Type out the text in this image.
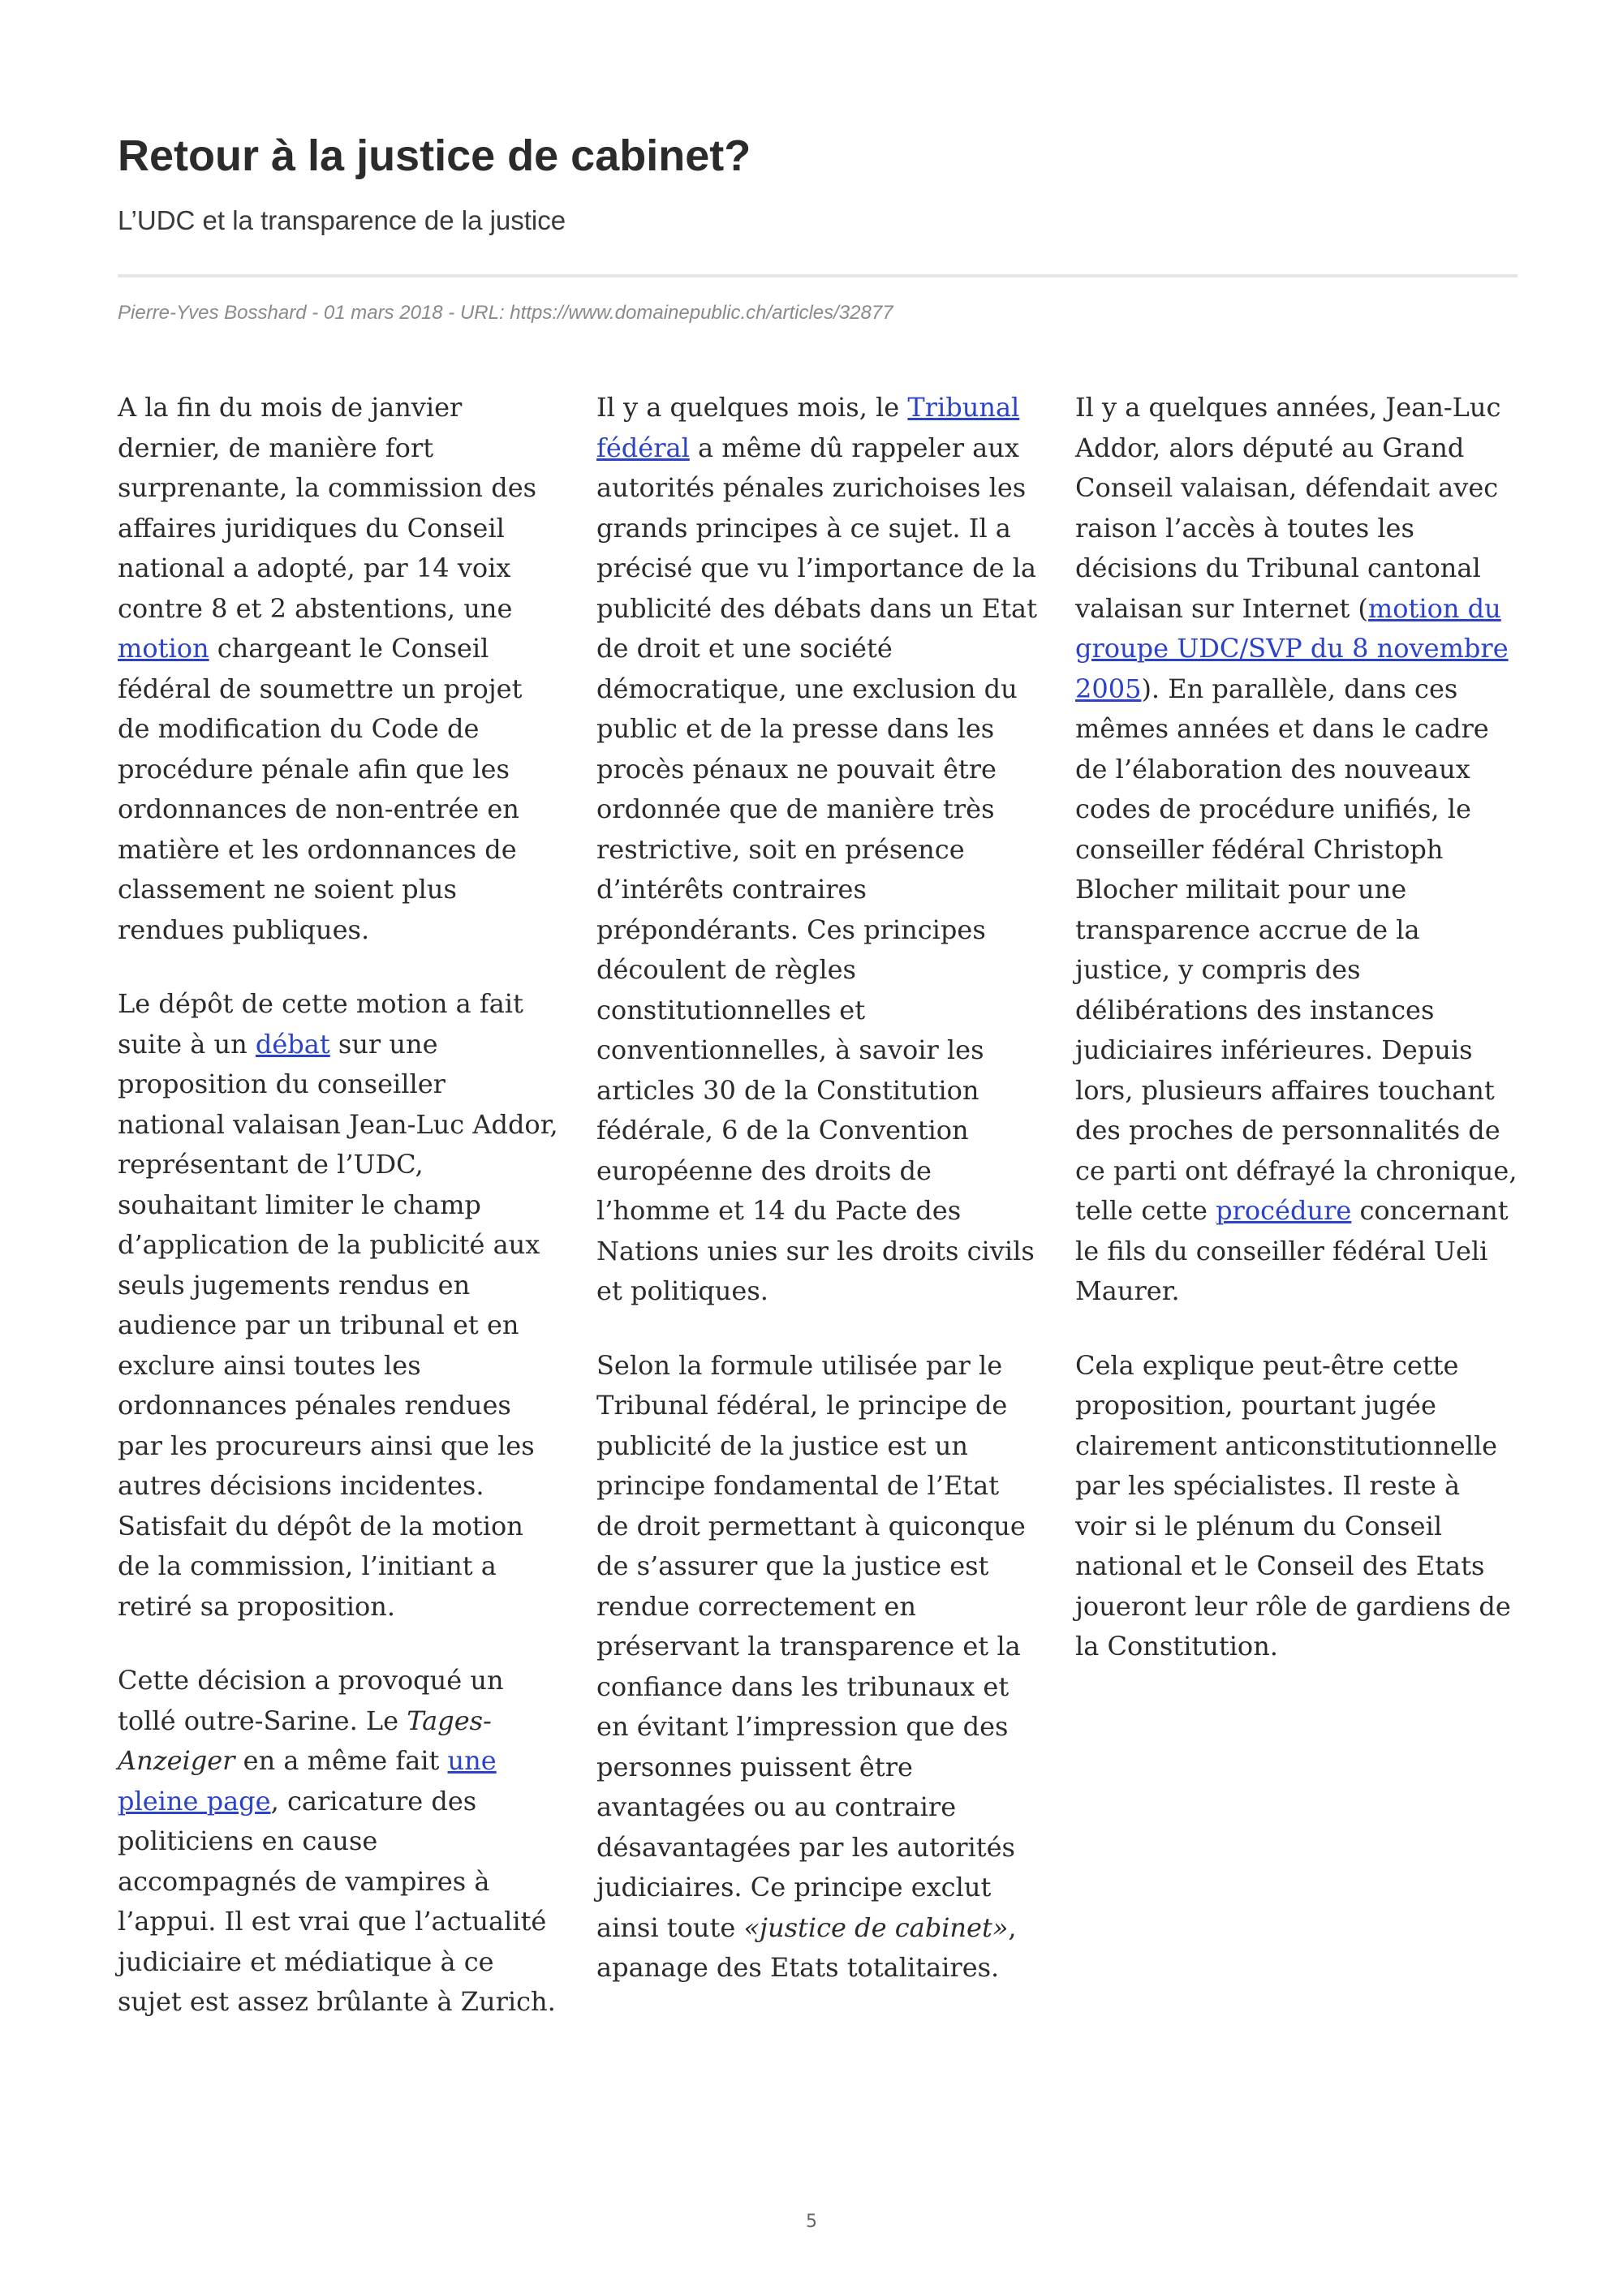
Retour à la justice de cabinet?

L’UDC et la transparence de la justice

Pierre-Yves Bosshard - 01 mars 2018 - URL: https://www.domainepublic.ch/articles/32877

A la fin du mois de janvier dernier, de manière fort surprenante, la commission des affaires juridiques du Conseil national a adopté, par 14 voix contre 8 et 2 abstentions, une motion chargeant le Conseil fédéral de soumettre un projet de modification du Code de procédure pénale afin que les ordonnances de non-entrée en matière et les ordonnances de classement ne soient plus rendues publiques.

Le dépôt de cette motion a fait suite à un débat sur une proposition du conseiller national valaisan Jean-Luc Addor, représentant de l’UDC, souhaitant limiter le champ d’application de la publicité aux seuls jugements rendus en audience par un tribunal et en exclure ainsi toutes les ordonnances pénales rendues par les procureurs ainsi que les autres décisions incidentes. Satisfait du dépôt de la motion de la commission, l’initiant a retiré sa proposition.

Cette décision a provoqué un tollé outre-Sarine. Le Tages-Anzeiger en a même fait une pleine page, caricature des politiciens en cause accompagnés de vampires à l’appui. Il est vrai que l’actualité judiciaire et médiatique à ce sujet est assez brûlante à Zurich.

Il y a quelques mois, le Tribunal fédéral a même dû rappeler aux autorités pénales zurichoises les grands principes à ce sujet. Il a précisé que vu l’importance de la publicité des débats dans un Etat de droit et une société démocratique, une exclusion du public et de la presse dans les procès pénaux ne pouvait être ordonnée que de manière très restrictive, soit en présence d’intérêts contraires prépondérants. Ces principes découlent de règles constitutionnelles et conventionnelles, à savoir les articles 30 de la Constitution fédérale, 6 de la Convention européenne des droits de l’homme et 14 du Pacte des Nations unies sur les droits civils et politiques.

Selon la formule utilisée par le Tribunal fédéral, le principe de publicité de la justice est un principe fondamental de l’Etat de droit permettant à quiconque de s’assurer que la justice est rendue correctement en préservant la transparence et la confiance dans les tribunaux et en évitant l’impression que des personnes puissent être avantagées ou au contraire désavantagées par les autorités judiciaires. Ce principe exclut ainsi toute «justice de cabinet», apanage des Etats totalitaires.

Il y a quelques années, Jean-Luc Addor, alors député au Grand Conseil valaisan, défendait avec raison l’accès à toutes les décisions du Tribunal cantonal valaisan sur Internet (motion du groupe UDC/SVP du 8 novembre 2005). En parallèle, dans ces mêmes années et dans le cadre de l’élaboration des nouveaux codes de procédure unifiés, le conseiller fédéral Christoph Blocher militait pour une transparence accrue de la justice, y compris des délibérations des instances judiciaires inférieures. Depuis lors, plusieurs affaires touchant des proches de personnalités de ce parti ont défrayé la chronique, telle cette procédure concernant le fils du conseiller fédéral Ueli Maurer.

Cela explique peut-être cette proposition, pourtant jugée clairement anticonstitutionnelle par les spécialistes. Il reste à voir si le plénum du Conseil national et le Conseil des Etats joueront leur rôle de gardiens de la Constitution.

5
